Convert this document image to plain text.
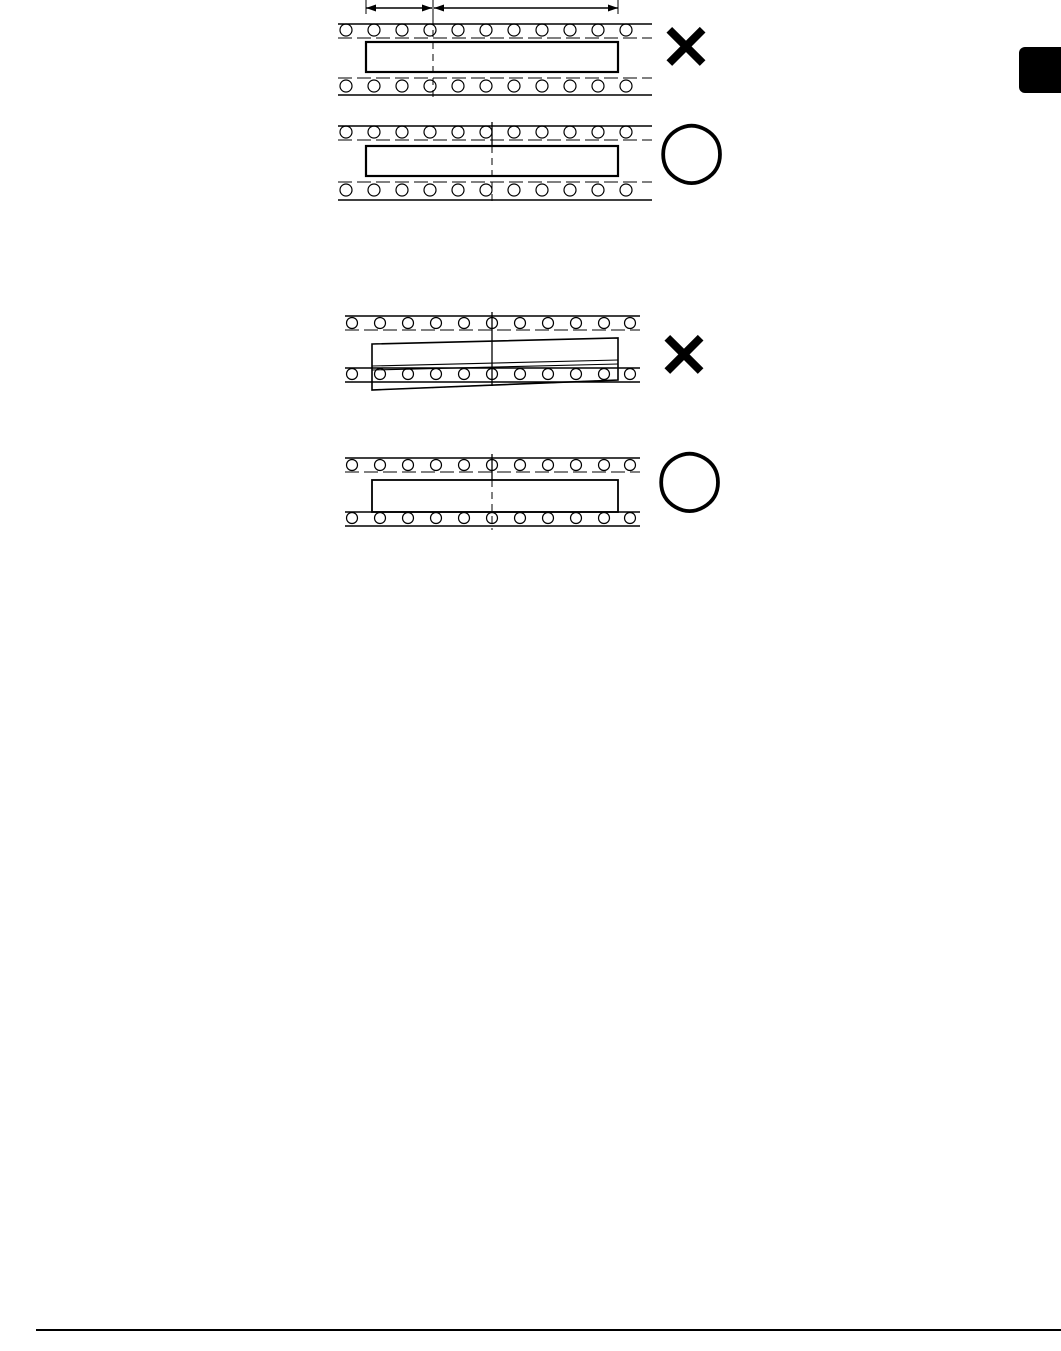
✕
◯
✕
◯
